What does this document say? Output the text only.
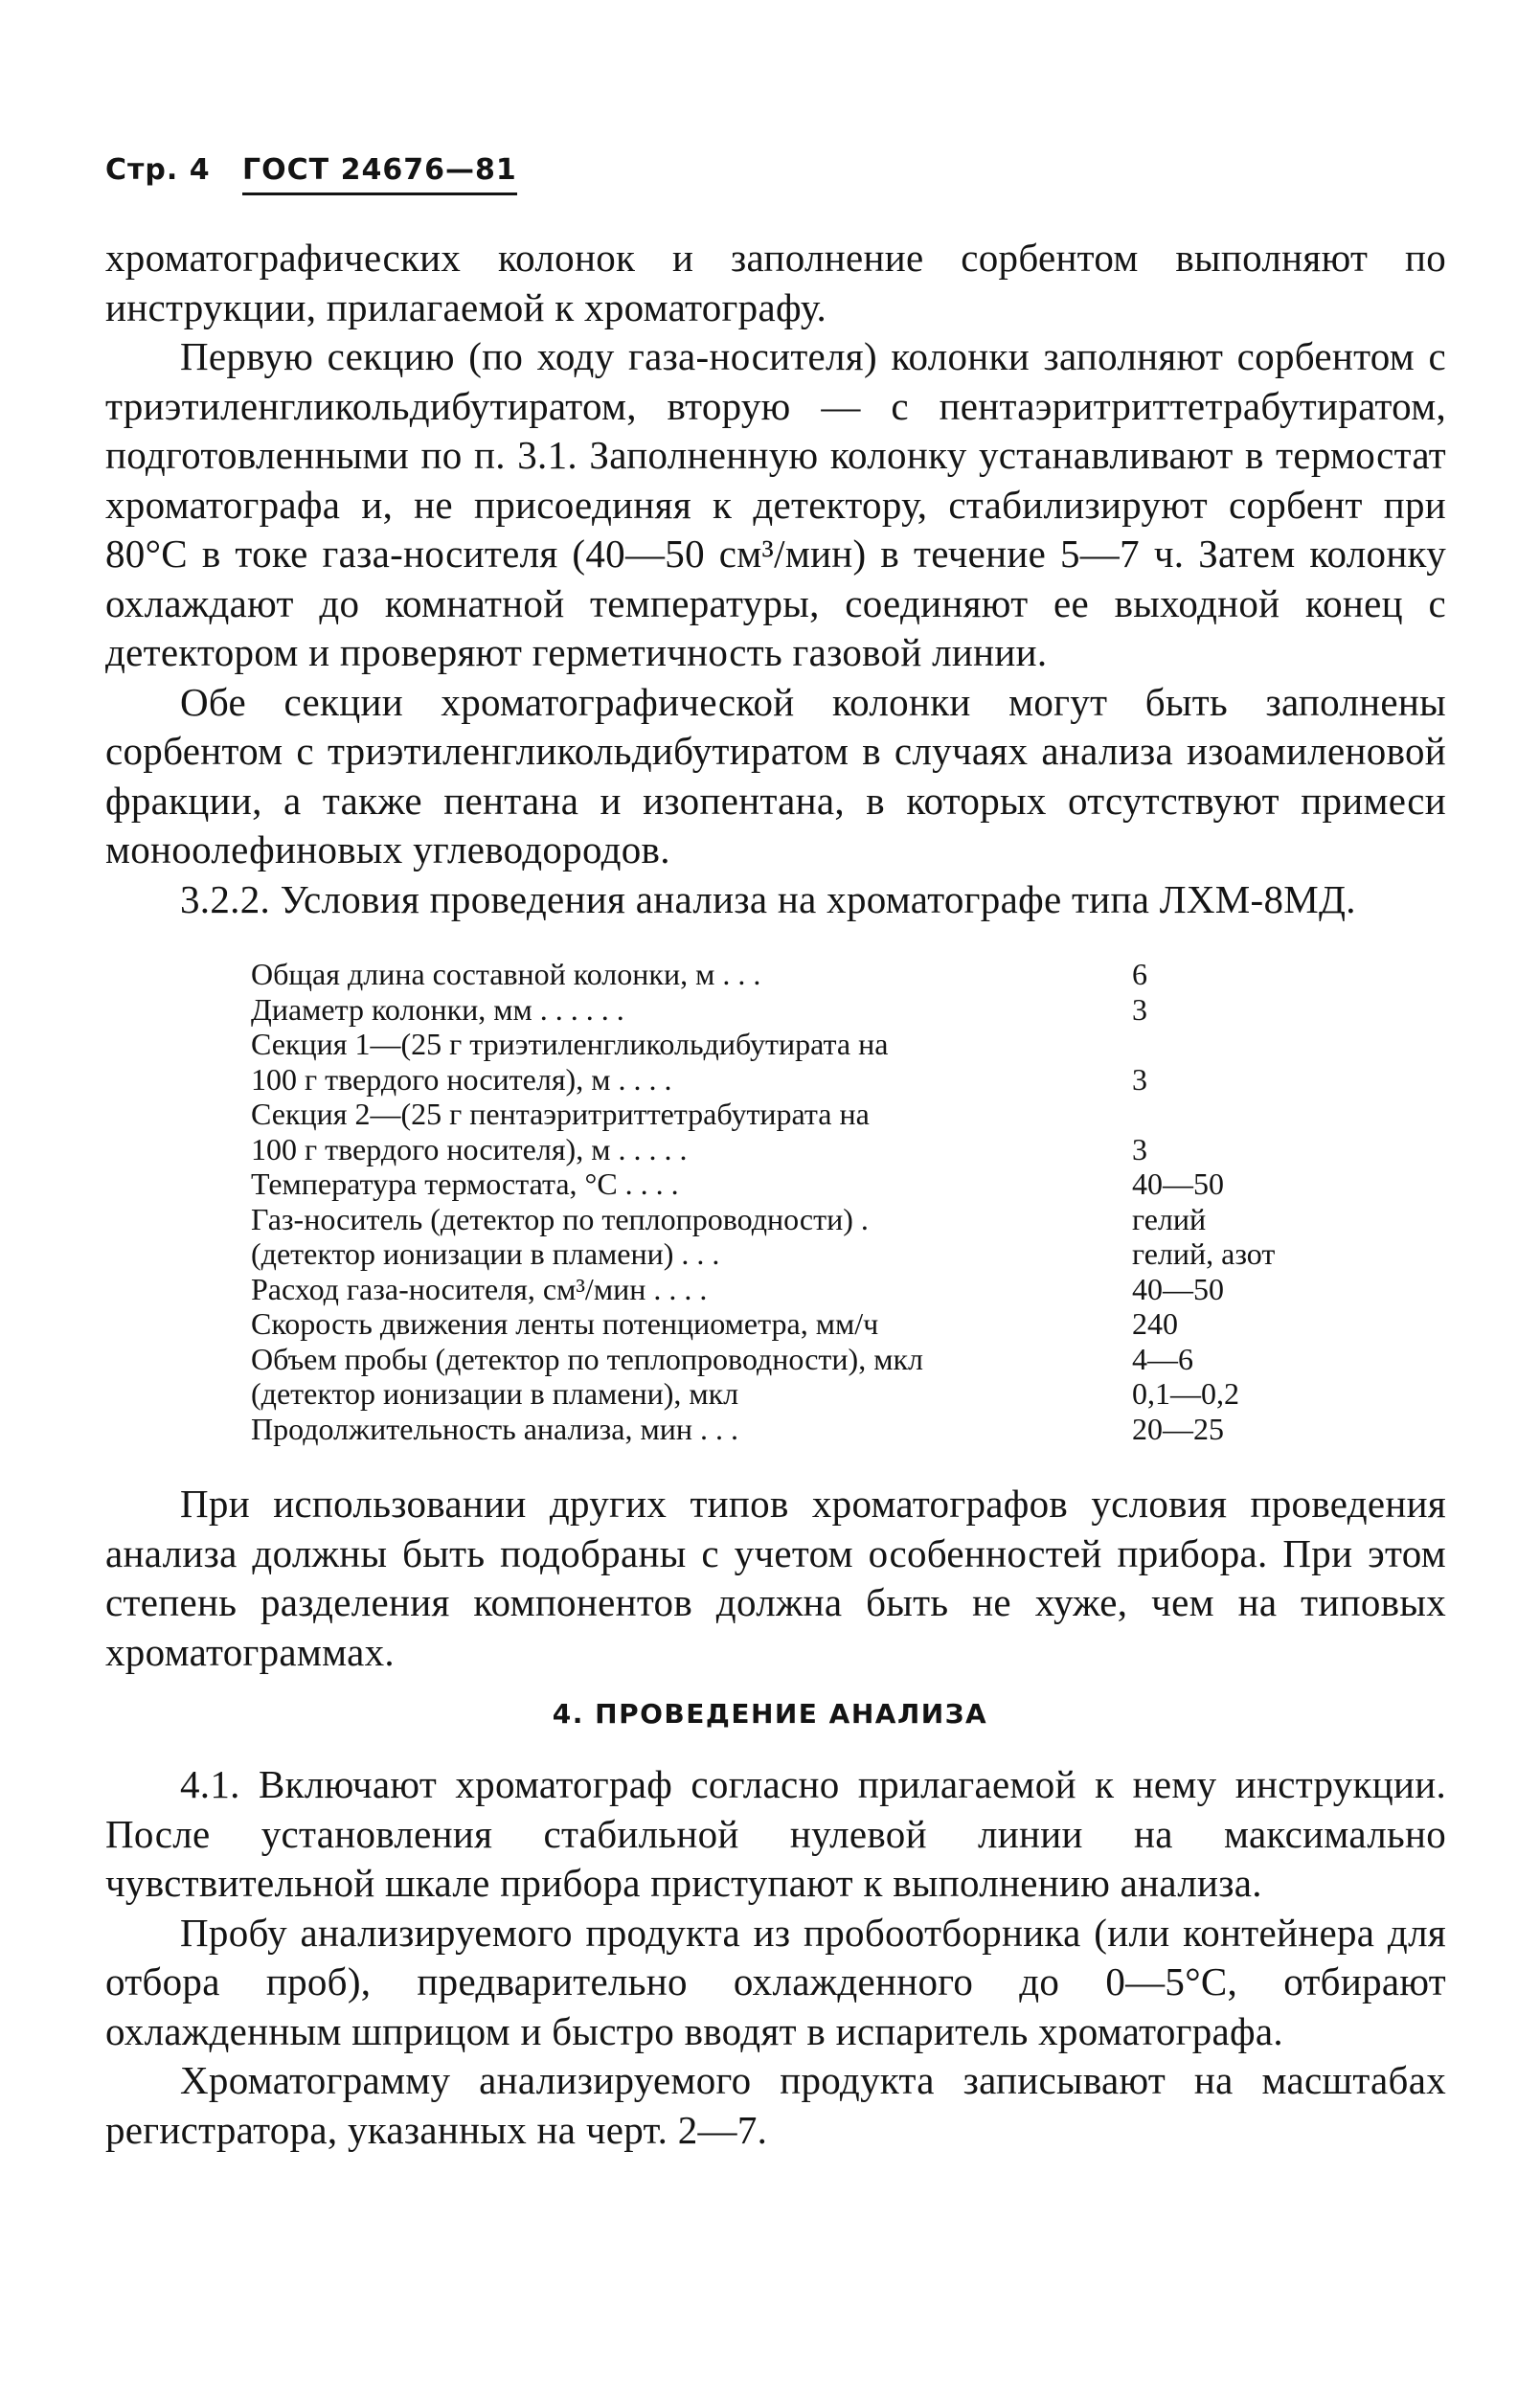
Стр. 4 ГОСТ 24676—81

хроматографических колонок и заполнение сорбентом выполняют по инструкции, прилагаемой к хроматографу.

Первую секцию (по ходу газа-носителя) колонки заполняют сорбентом с триэтиленгликольдибутиратом, вторую — с пентаэритриттетрабутиратом, подготовленными по п. 3.1. Заполненную колонку устанавливают в термостат хроматографа и, не присоединяя к детектору, стабилизируют сорбент при 80°С в токе газа-носителя (40—50 см³/мин) в течение 5—7 ч. Затем колонку охлаждают до комнатной температуры, соединяют ее выходной конец с детектором и проверяют герметичность газовой линии.

Обе секции хроматографической колонки могут быть заполнены сорбентом с триэтиленгликольдибутиратом в случаях анализа изоамиленовой фракции, а также пентана и изопентана, в которых отсутствуют примеси моноолефиновых углеводородов.

3.2.2. Условия проведения анализа на хроматографе типа ЛХМ-8МД.

Общая длина составной колонки, м . . .	6
Диаметр колонки, мм . . . . . .	3
Секция 1—(25 г триэтиленгликольдибутирата на	
100 г твердого носителя), м . . . .	3
Секция 2—(25 г пентаэритриттетрабутирата на	
100 г твердого носителя), м . . . . .	3
Температура термостата, °С . . . .	40—50
Газ-носитель (детектор по теплопроводности) .	гелий
(детектор ионизации в пламени) . . .	гелий, азот
Расход газа-носителя, см³/мин . . . .	40—50
Скорость движения ленты потенциометра, мм/ч	240
Объем пробы (детектор по теплопроводности), мкл	4—6
(детектор ионизации в пламени), мкл	0,1—0,2
Продолжительность анализа, мин . . .	20—25

При использовании других типов хроматографов условия проведения анализа должны быть подобраны с учетом особенностей прибора. При этом степень разделения компонентов должна быть не хуже, чем на типовых хроматограммах.

4. ПРОВЕДЕНИЕ АНАЛИЗА

4.1. Включают хроматограф согласно прилагаемой к нему инструкции. После установления стабильной нулевой линии на максимально чувствительной шкале прибора приступают к выполнению анализа.

Пробу анализируемого продукта из пробоотборника (или контейнера для отбора проб), предварительно охлажденного до 0—5°С, отбирают охлажденным шприцом и быстро вводят в испаритель хроматографа.

Хроматограмму анализируемого продукта записывают на масштабах регистратора, указанных на черт. 2—7.
